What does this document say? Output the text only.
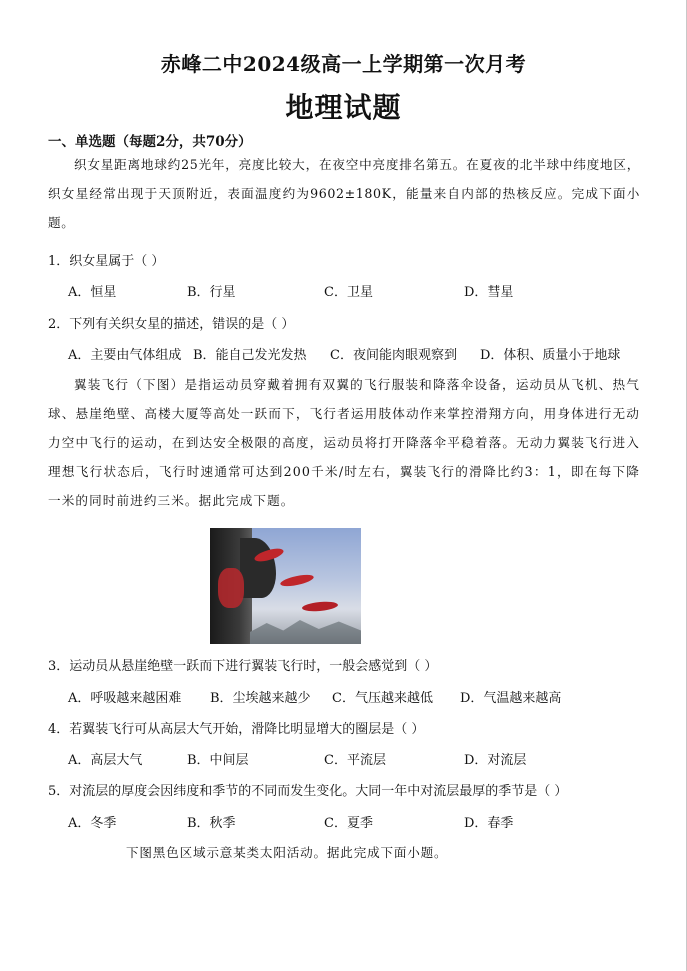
赤峰二中2024级高一上学期第一次月考
地理试题
一、单选题（每题2分，共70分）
织女星距离地球约25光年，亮度比较大，在夜空中亮度排名第五。在夏夜的北半球中纬度地区，织女星经常出现于天顶附近，表面温度约为9602±180K，能量来自内部的热核反应。完成下面小题。
1．织女星属于（ ）
A．恒星	B．行星	C．卫星	D．彗星
2．下列有关织女星的描述，错误的是（ ）
A．主要由气体组成 B．能自己发光发热 C．夜间能肉眼观察到 D．体积、质量小于地球
翼装飞行（下图）是指运动员穿戴着拥有双翼的飞行服装和降落伞设备，运动员从飞机、热气球、悬崖绝壁、高楼大厦等高处一跃而下，飞行者运用肢体动作来掌控滑翔方向，用身体进行无动力空中飞行的运动，在到达安全极限的高度，运动员将打开降落伞平稳着落。无动力翼装飞行进入理想飞行状态后，飞行时速通常可达到200千米/时左右，翼装飞行的滑降比约3：1，即在每下降一米的同时前进约三米。据此完成下题。
3．运动员从悬崖绝壁一跃而下进行翼装飞行时，一般会感觉到（ ）
A．呼吸越来越困难 B．尘埃越来越少 C．气压越来越低 D．气温越来越高
4．若翼装飞行可从高层大气开始，滑降比明显增大的圈层是（ ）
A．高层大气	B．中间层	C．平流层	D．对流层
5．对流层的厚度会因纬度和季节的不同而发生变化。大同一年中对流层最厚的季节是（ ）
A．冬季	B．秋季	C．夏季	D．春季
下图黑色区域示意某类太阳活动。据此完成下面小题。
